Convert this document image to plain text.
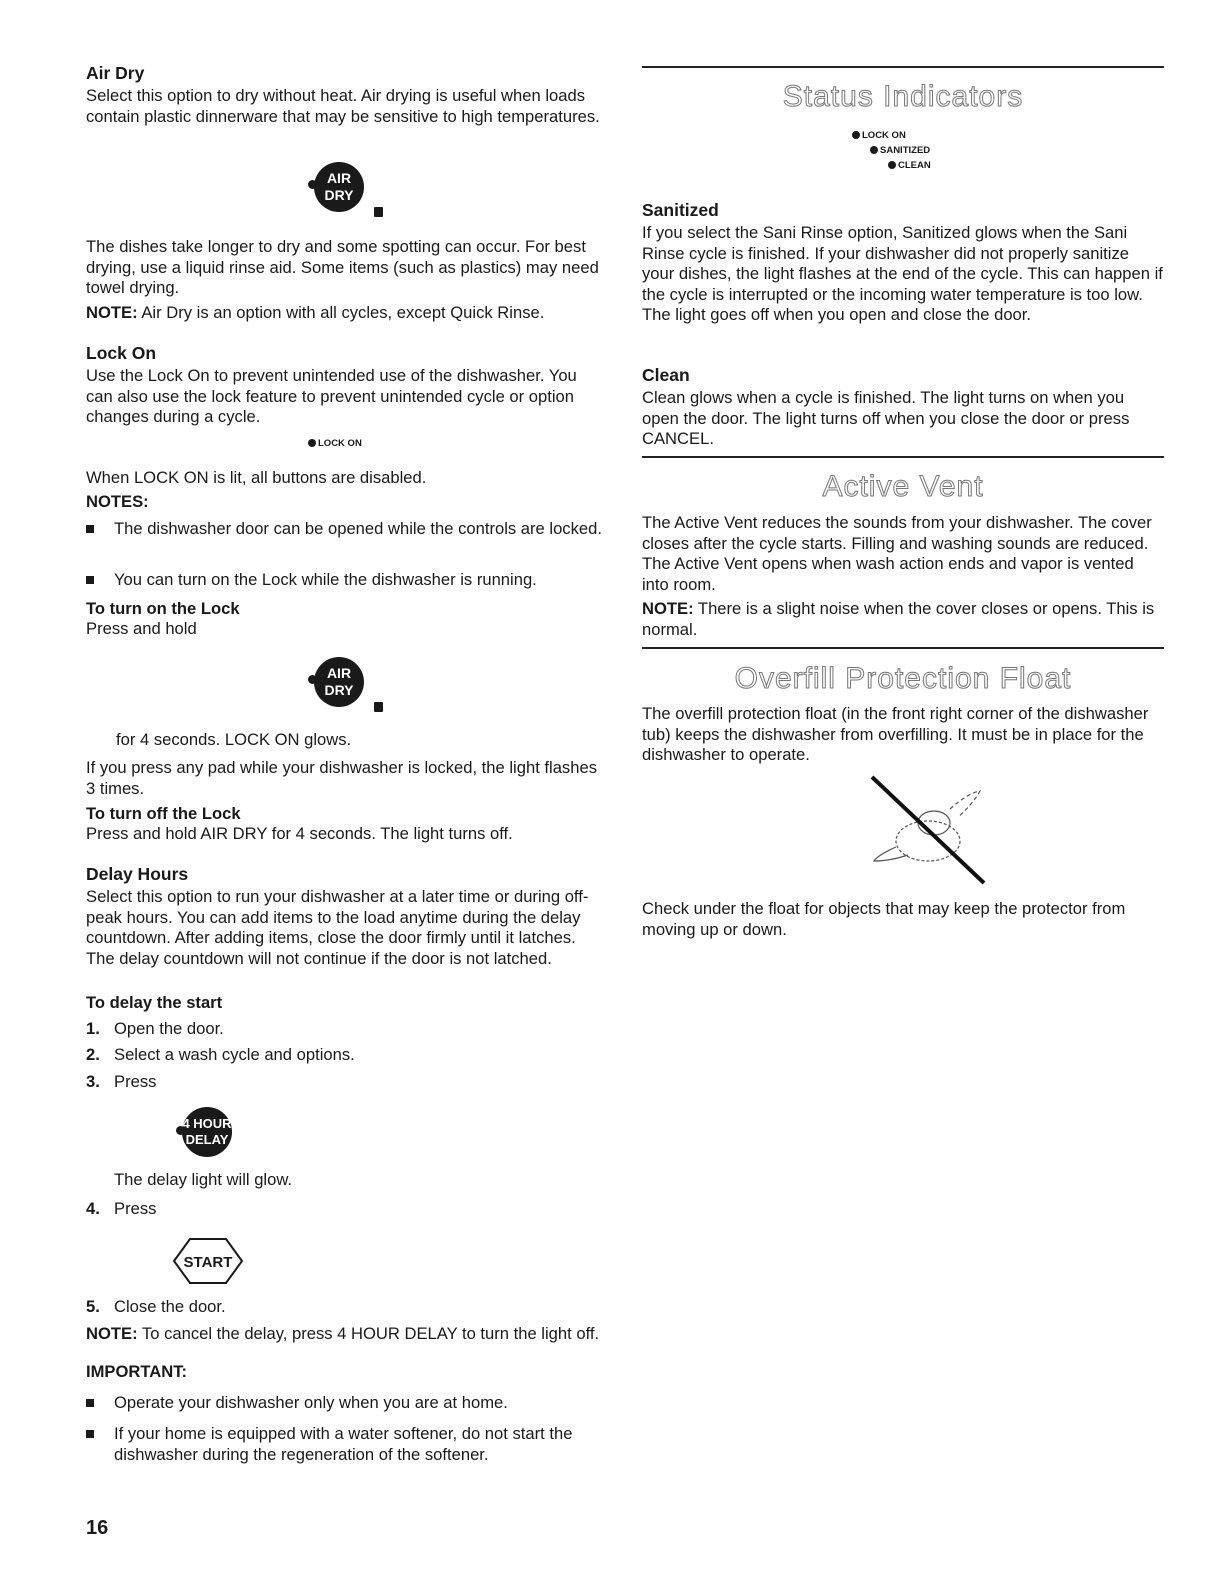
Air Dry

Select this option to dry without heat. Air drying is useful when loads contain plastic dinnerware that may be sensitive to high temperatures.

AIR
DRY

The dishes take longer to dry and some spotting can occur. For best drying, use a liquid rinse aid. Some items (such as plastics) may need towel drying.

NOTE: Air Dry is an option with all cycles, except Quick Rinse.

Lock On

Use the Lock On to prevent unintended use of the dishwasher. You can also use the lock feature to prevent unintended cycle or option changes during a cycle.

LOCK ON

When LOCK ON is lit, all buttons are disabled.

NOTES:

The dishwasher door can be opened while the controls are locked.

You can turn on the Lock while the dishwasher is running.

To turn on the Lock

Press and hold

AIR
DRY

for 4 seconds. LOCK ON glows.

If you press any pad while your dishwasher is locked, the light flashes 3 times.

To turn off the Lock

Press and hold AIR DRY for 4 seconds. The light turns off.

Delay Hours

Select this option to run your dishwasher at a later time or during off-peak hours. You can add items to the load anytime during the delay countdown. After adding items, close the door firmly until it latches. The delay countdown will not continue if the door is not latched.

To delay the start

1. Open the door.

2. Select a wash cycle and options.

3. Press

4 HOUR
DELAY

The delay light will glow.

4. Press

START

5. Close the door.

NOTE: To cancel the delay, press 4 HOUR DELAY to turn the light off.

IMPORTANT:

Operate your dishwasher only when you are at home.

If your home is equipped with a water softener, do not start the dishwasher during the regeneration of the softener.

16

Status Indicators
LOCK ON
SANITIZED
CLEAN
Sanitized

If you select the Sani Rinse option, Sanitized glows when the Sani Rinse cycle is finished. If your dishwasher did not properly sanitize your dishes, the light flashes at the end of the cycle. This can happen if the cycle is interrupted or the incoming water temperature is too low. The light goes off when you open and close the door.

Clean

Clean glows when a cycle is finished. The light turns on when you open the door. The light turns off when you close the door or press CANCEL.

Active Vent

The Active Vent reduces the sounds from your dishwasher. The cover closes after the cycle starts. Filling and washing sounds are reduced. The Active Vent opens when wash action ends and vapor is vented into room.

NOTE: There is a slight noise when the cover closes or opens. This is normal.

Overfill Protection Float

The overfill protection float (in the front right corner of the dishwasher tub) keeps the dishwasher from overfilling. It must be in place for the dishwasher to operate.

Check under the float for objects that may keep the protector from moving up or down.
